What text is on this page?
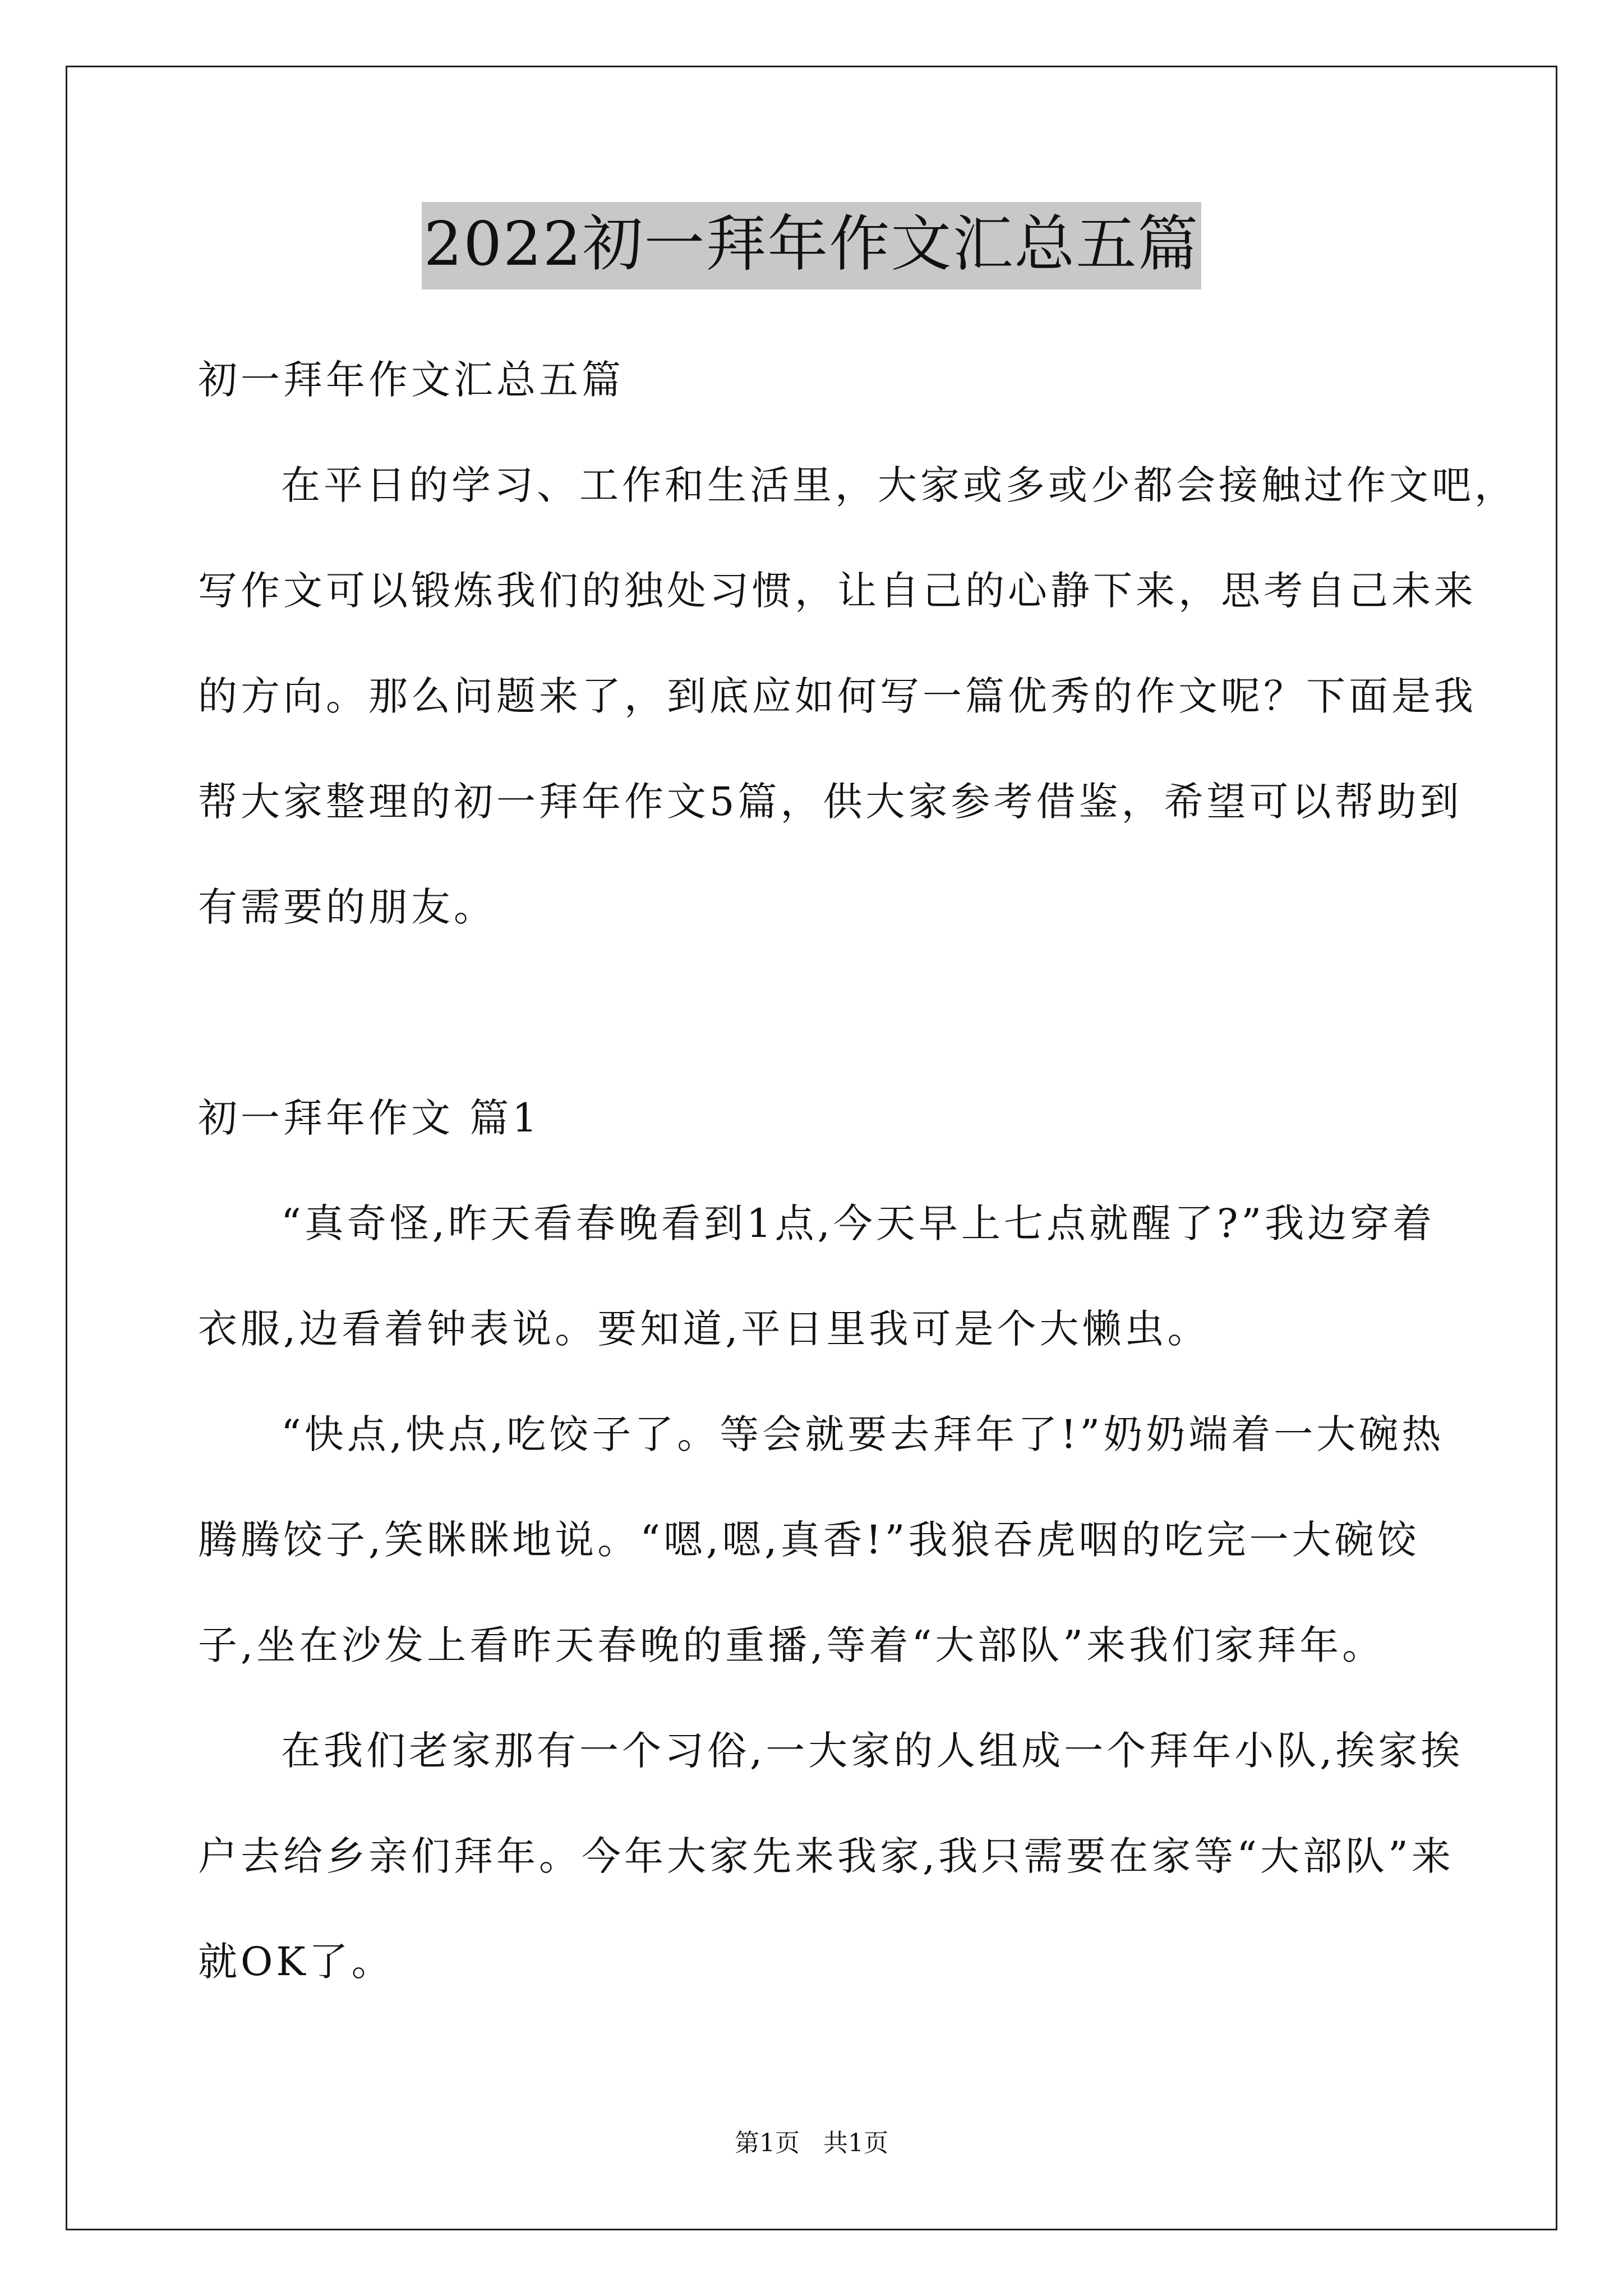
2022初一拜年作文汇总五篇
初一拜年作文汇总五篇
在平日的学习、工作和生活里，大家或多或少都会接触过作文吧，
写作文可以锻炼我们的独处习惯，让自己的心静下来，思考自己未来
的方向。那么问题来了，到底应如何写一篇优秀的作文呢？下面是我
帮大家整理的初一拜年作文5篇，供大家参考借鉴，希望可以帮助到
有需要的朋友。
初一拜年作文 篇1
“真奇怪,昨天看春晚看到1点,今天早上七点就醒了?”我边穿着
衣服,边看着钟表说。要知道,平日里我可是个大懒虫。
“快点,快点,吃饺子了。等会就要去拜年了!”奶奶端着一大碗热
腾腾饺子,笑眯眯地说。“嗯,嗯,真香!”我狼吞虎咽的吃完一大碗饺
子,坐在沙发上看昨天春晚的重播,等着“大部队”来我们家拜年。
在我们老家那有一个习俗,一大家的人组成一个拜年小队,挨家挨
户去给乡亲们拜年。今年大家先来我家,我只需要在家等“大部队”来
就OK了。
第1页 共1页
